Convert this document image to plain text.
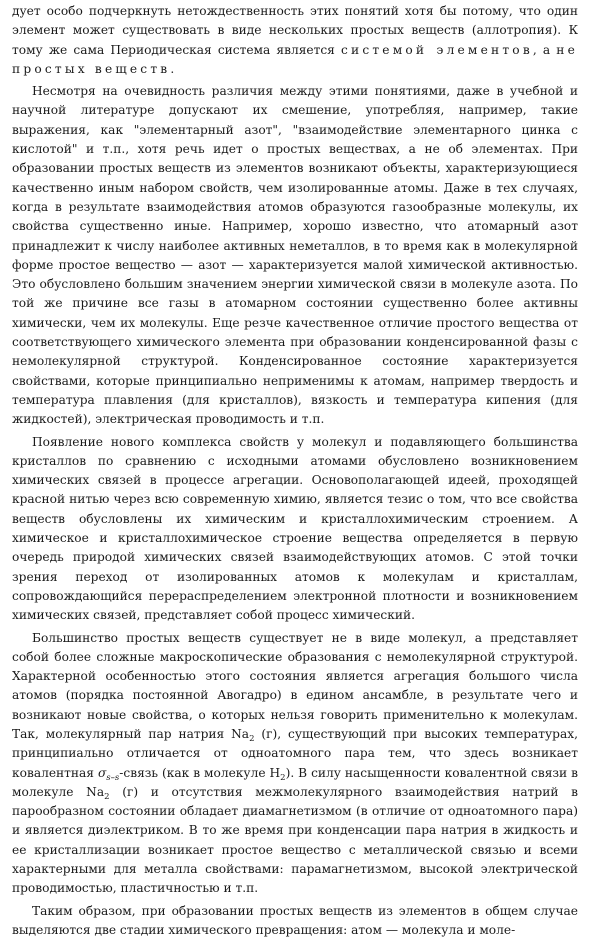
дует особо подчеркнуть нетождественность этих понятий хотя бы потому, что один элемент может существовать в виде нескольких простых веществ (аллотропия). К тому же сама Периодическая система является системой элементов, а не простых веществ.

Несмотря на очевидность различия между этими понятиями, даже в учебной и научной литературе допускают их смешение, употребляя, например, такие выражения, как "элементарный азот", "взаимодействие элементарного цинка с кислотой" и т.п., хотя речь идет о простых веществах, а не об элементах. При образовании простых веществ из элементов возникают объекты, характеризующиеся качественно иным набором свойств, чем изолированные атомы. Даже в тех случаях, когда в результате взаимодействия атомов образуются газообразные молекулы, их свойства существенно иные. Например, хорошо известно, что атомарный азот принадлежит к числу наиболее активных неметаллов, в то время как в молекулярной форме простое вещество — азот — характеризуется малой химической активностью. Это обусловлено большим значением энергии химической связи в молекуле азота. По той же причине все газы в атомарном состоянии существенно более активны химически, чем их молекулы. Еще резче качественное отличие простого вещества от соответствующего химического элемента при образовании конденсированной фазы с немолекулярной структурой. Конденсированное состояние характеризуется свойствами, которые принципиально неприменимы к атомам, например твердость и температура плавления (для кристаллов), вязкость и температура кипения (для жидкостей), электрическая проводимость и т.п.

Появление нового комплекса свойств у молекул и подавляющего большинства кристаллов по сравнению с исходными атомами обусловлено возникновением химических связей в процессе агрегации. Основополагающей идеей, проходящей красной нитью через всю современную химию, является тезис о том, что все свойства веществ обусловлены их химическим и кристаллохимическим строением. А химическое и кристаллохимическое строение вещества определяется в первую очередь природой химических связей взаимодействующих атомов. С этой точки зрения переход от изолированных атомов к молекулам и кристаллам, сопровождающийся перераспределением электронной плотности и возникновением химических связей, представляет собой процесс химический.

Большинство простых веществ существует не в виде молекул, а представляет собой более сложные макроскопические образования с немолекулярной структурой. Характерной особенностью этого состояния является агрегация большого числа атомов (порядка постоянной Авогадро) в едином ансамбле, в результате чего и возникают новые свойства, о которых нельзя говорить применительно к молекулам. Так, молекулярный пар натрия $Na_2$ (г), существующий при высоких температурах, принципиально отличается от одноатомного пара тем, что здесь возникает ковалентная $\sigma_{s-s}$-связь (как в молекуле $H_2$). В силу насыщенности ковалентной связи в молекуле $Na_2$ (г) и отсутствия межмолекулярного взаимодействия натрий в парообразном состоянии обладает диамагнетизмом (в отличие от одноатомного пара) и является диэлектриком. В то же время при конденсации пара натрия в жидкость и ее кристаллизации возникает простое вещество с металлической связью и всеми характерными для металла свойствами: парамагнетизмом, высокой электрической проводимостью, пластичностью и т.п.

Таким образом, при образовании простых веществ из элементов в общем случае выделяются две стадии химического превращения: атом — молекула и моле-
